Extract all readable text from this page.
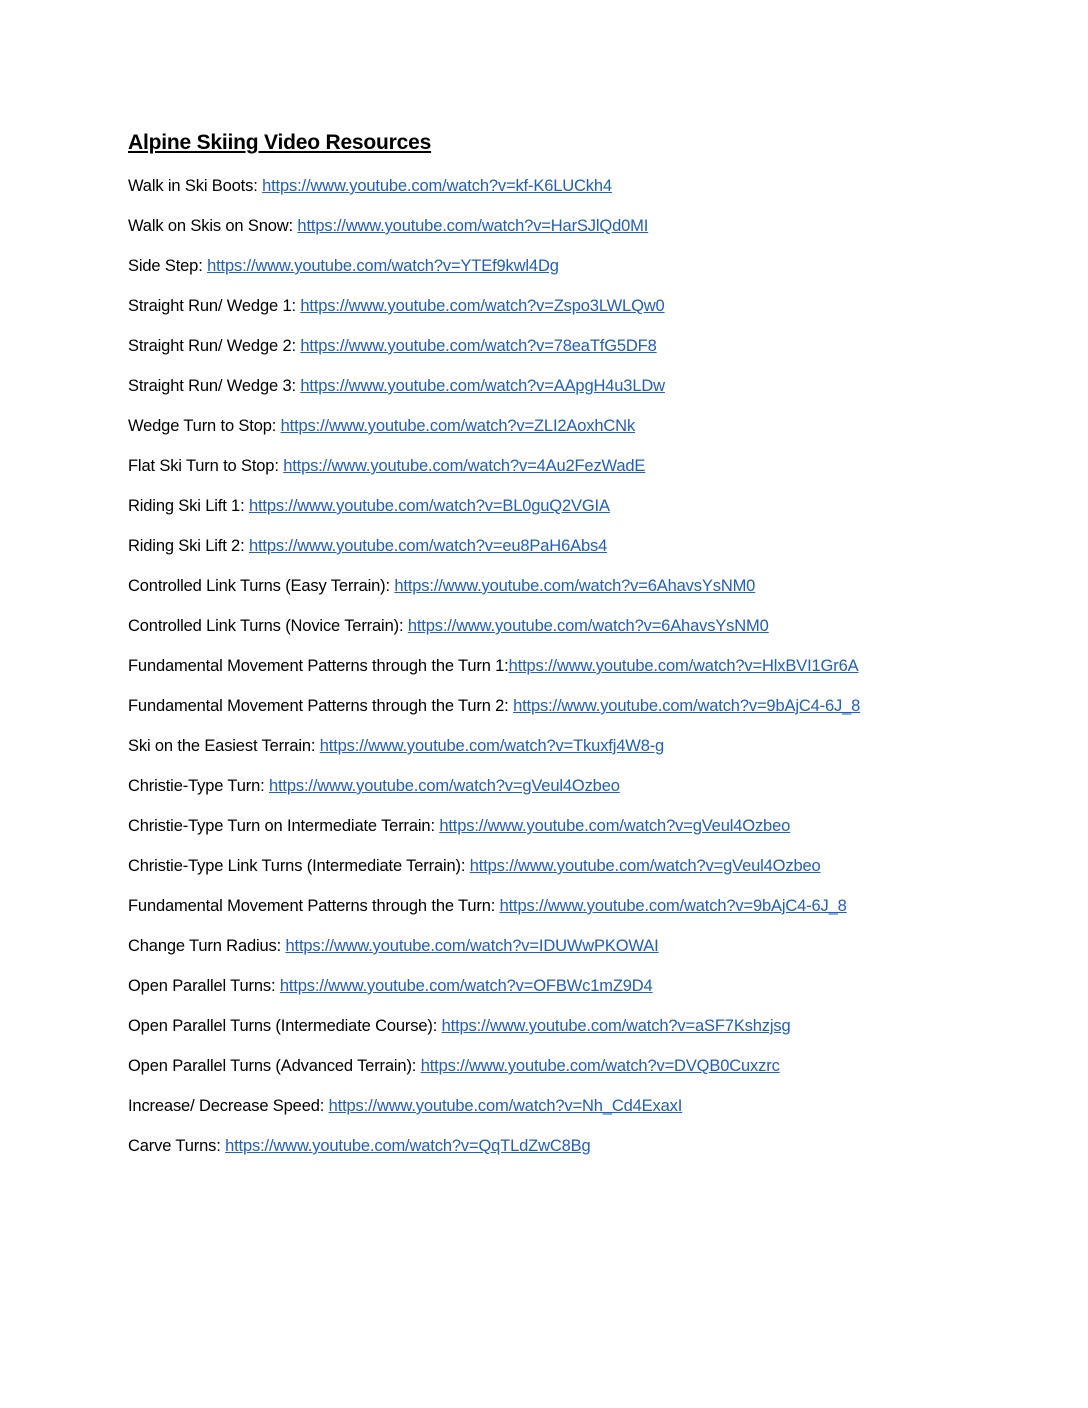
Alpine Skiing Video Resources
Walk in Ski Boots: https://www.youtube.com/watch?v=kf-K6LUCkh4
Walk on Skis on Snow: https://www.youtube.com/watch?v=HarSJlQd0MI
Side Step: https://www.youtube.com/watch?v=YTEf9kwl4Dg
Straight Run/ Wedge 1: https://www.youtube.com/watch?v=Zspo3LWLQw0
Straight Run/ Wedge 2: https://www.youtube.com/watch?v=78eaTfG5DF8
Straight Run/ Wedge 3: https://www.youtube.com/watch?v=AApgH4u3LDw
Wedge Turn to Stop: https://www.youtube.com/watch?v=ZLI2AoxhCNk
Flat Ski Turn to Stop: https://www.youtube.com/watch?v=4Au2FezWadE
Riding Ski Lift 1: https://www.youtube.com/watch?v=BL0guQ2VGIA
Riding Ski Lift 2: https://www.youtube.com/watch?v=eu8PaH6Abs4
Controlled Link Turns (Easy Terrain): https://www.youtube.com/watch?v=6AhavsYsNM0
Controlled Link Turns (Novice Terrain): https://www.youtube.com/watch?v=6AhavsYsNM0
Fundamental Movement Patterns through the Turn 1:https://www.youtube.com/watch?v=HlxBVI1Gr6A
Fundamental Movement Patterns through the Turn 2: https://www.youtube.com/watch?v=9bAjC4-6J_8
Ski on the Easiest Terrain: https://www.youtube.com/watch?v=Tkuxfj4W8-g
Christie-Type Turn: https://www.youtube.com/watch?v=gVeul4Ozbeo
Christie-Type Turn on Intermediate Terrain: https://www.youtube.com/watch?v=gVeul4Ozbeo
Christie-Type Link Turns (Intermediate Terrain): https://www.youtube.com/watch?v=gVeul4Ozbeo
Fundamental Movement Patterns through the Turn: https://www.youtube.com/watch?v=9bAjC4-6J_8
Change Turn Radius: https://www.youtube.com/watch?v=IDUWwPKOWAI
Open Parallel Turns: https://www.youtube.com/watch?v=OFBWc1mZ9D4
Open Parallel Turns (Intermediate Course): https://www.youtube.com/watch?v=aSF7Kshzjsg
Open Parallel Turns (Advanced Terrain): https://www.youtube.com/watch?v=DVQB0Cuxzrc
Increase/ Decrease Speed: https://www.youtube.com/watch?v=Nh_Cd4ExaxI
Carve Turns: https://www.youtube.com/watch?v=QqTLdZwC8Bg
